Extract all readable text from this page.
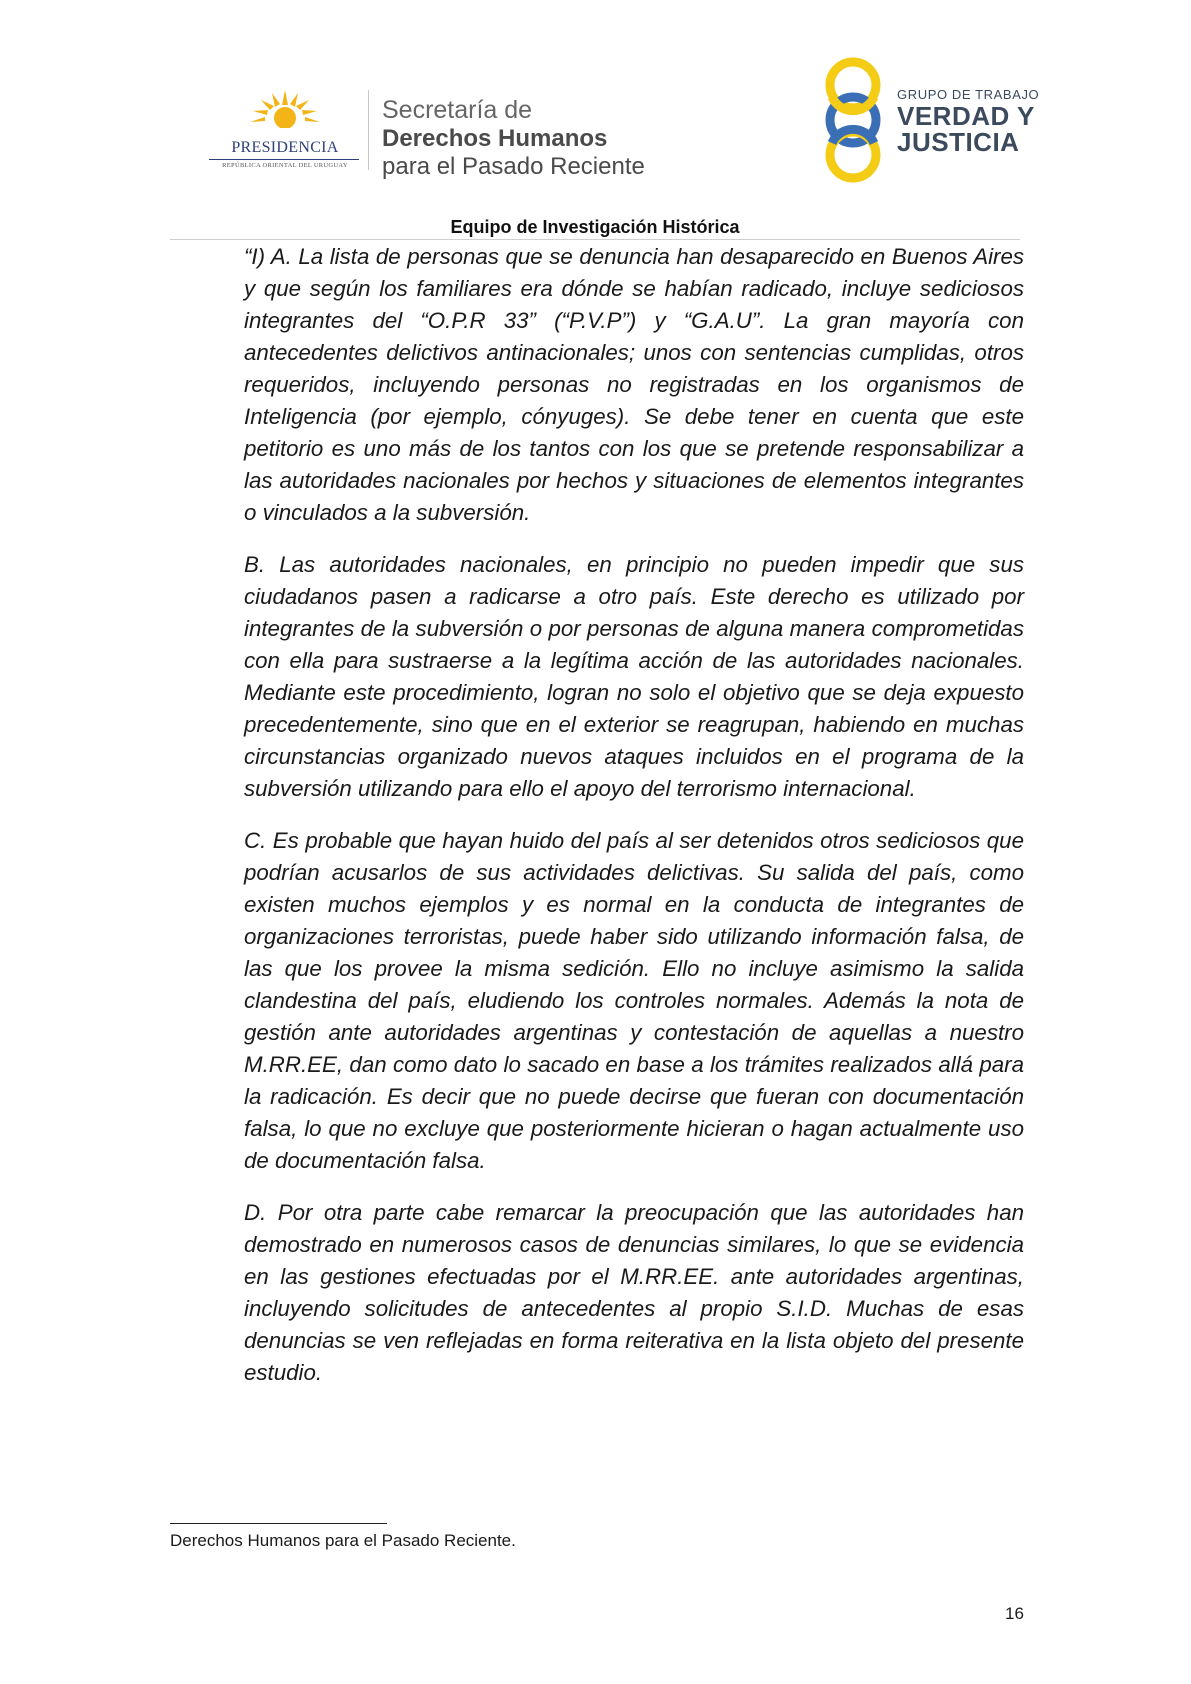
PRESIDENCIA
REPÚBLICA ORIENTAL DEL URUGUAY
Secretaría de
Derechos Humanos
para el Pasado Reciente
GRUPO DE TRABAJO
VERDAD Y
JUSTICIA
Equipo de Investigación Histórica

“I) A. La lista de personas que se denuncia han desaparecido en Buenos Aires y que según los familiares era dónde se habían radicado, incluye sediciosos integrantes del “O.P.R 33” (“P.V.P”) y “G.A.U”. La gran mayoría con antecedentes delictivos antinacionales; unos con sentencias cumplidas, otros requeridos, incluyendo personas no registradas en los organismos de Inteligencia (por ejemplo, cónyuges). Se debe tener en cuenta que este petitorio es uno más de los tantos con los que se pretende responsabilizar a las autoridades nacionales por hechos y situaciones de elementos integrantes o vinculados a la subversión.

B. Las autoridades nacionales, en principio no pueden impedir que sus ciudadanos pasen a radicarse a otro país. Este derecho es utilizado por integrantes de la subversión o por personas de alguna manera comprometidas con ella para sustraerse a la legítima acción de las autoridades nacionales. Mediante este procedimiento, logran no solo el objetivo que se deja expuesto precedentemente, sino que en el exterior se reagrupan, habiendo en muchas circunstancias organizado nuevos ataques incluidos en el programa de la subversión utilizando para ello el apoyo del terrorismo internacional.

C. Es probable que hayan huido del país al ser detenidos otros sediciosos que podrían acusarlos de sus actividades delictivas. Su salida del país, como existen muchos ejemplos y es normal en la conducta de integrantes de organizaciones terroristas, puede haber sido utilizando información falsa, de las que los provee la misma sedición. Ello no incluye asimismo la salida clandestina del país, eludiendo los controles normales. Además la nota de gestión ante autoridades argentinas y contestación de aquellas a nuestro M.RR.EE, dan como dato lo sacado en base a los trámites realizados allá para la radicación. Es decir que no puede decirse que fueran con documentación falsa, lo que no excluye que posteriormente hicieran o hagan actualmente uso de documentación falsa.

D. Por otra parte cabe remarcar la preocupación que las autoridades han demostrado en numerosos casos de denuncias similares, lo que se evidencia en las gestiones efectuadas por el M.RR.EE. ante autoridades argentinas, incluyendo solicitudes de antecedentes al propio S.I.D. Muchas de esas denuncias se ven reflejadas en forma reiterativa en la lista objeto del presente estudio.

Derechos Humanos para el Pasado Reciente.
16
